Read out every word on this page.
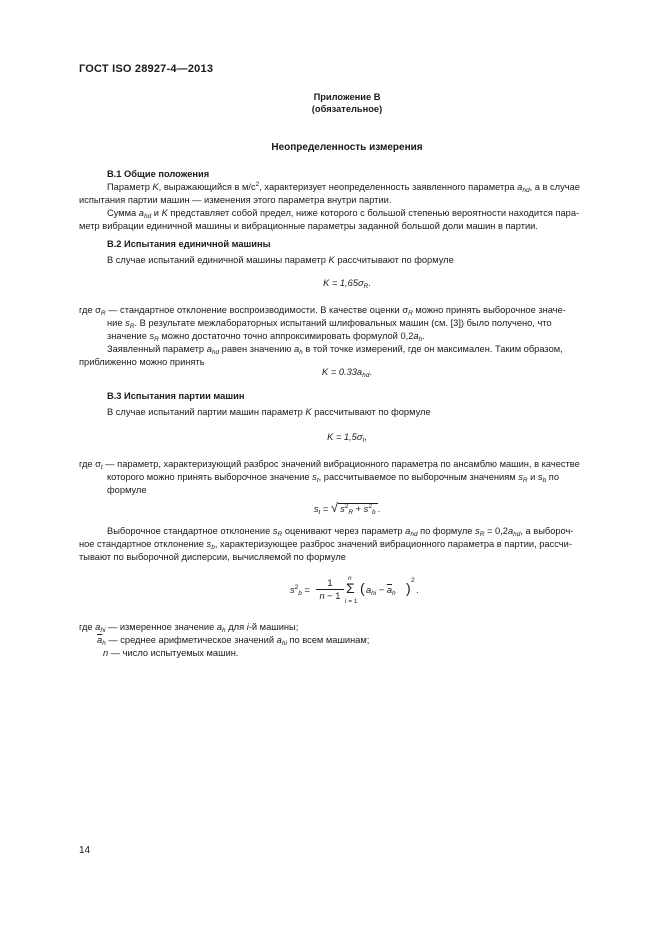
ГОСТ ISO 28927-4—2013
Приложение В
(обязательное)
Неопределенность измерения

В.1 Общие положения

Параметр K, выражающийся в $м/с^2$, характеризует неопределенность заявленного параметра $a_{hd}$, а в случае

испытания партии машин — изменения этого параметра внутри партии.

Сумма $a_{hd}$ и K представляет собой предел, ниже которого с большой степенью вероятности находится пара-

метр вибрации единичной машины и вибрационные параметры заданной большой доли машин в партии.

В.2 Испытания единичной машины

В случае испытаний единичной машины параметр K рассчитывают по формуле

$K = 1,65\sigma_R$.

где $\sigma_R$ — стандартное отклонение воспроизводимости. В качестве оценки $\sigma_R$ можно принять выборочное значе-

ние $s_R$. В результате межлабораторных испытаний шлифовальных машин (см. [3]) было получено, что

значение $s_R$ можно достаточно точно аппроксимировать формулой $0,2a_h$.

Заявленный параметр $a_{hd}$ равен значению $a_h$ в той точке измерений, где он максимален. Таким образом,

приближенно можно принять

$K = 0.33a_{hd}$.

В.3 Испытания партии машин

В случае испытаний партии машин параметр K рассчитывают по формуле

$K = 1,5\sigma_t$,

где $\sigma_t$ — параметр, характеризующий разброс значений вибрационного параметра по ансамблю машин, в качестве

которого можно принять выборочное значение $s_t$, рассчитываемое по выборочным значениям $s_R$ и $s_b$ по

формуле

$s_t$ = √ $s^2_R + s^2_b$ .

Выборочное стандартное отклонение $s_R$ оценивают через параметр $a_{hd}$ по формуле $s_R = 0,2a_{hd}$, а выбороч-

ное стандартное отклонение $s_b$, характеризующее разброс значений вибрационного параметра в партии, рассчи-

тывают по выборочной дисперсии, вычисляемой по формуле

$s^2_b$ =
1
n − 1
n
Σ
i = 1
( $a_{hi} - \overline{a}_h$ ) 2
.
где $a_{hi}$ — измеренное значение $a_h$ для i-й машины;
$\overline{a}_h$ — среднее арифметическое значений $a_{hi}$ по всем машинам;
n — число испытуемых машин.
14
